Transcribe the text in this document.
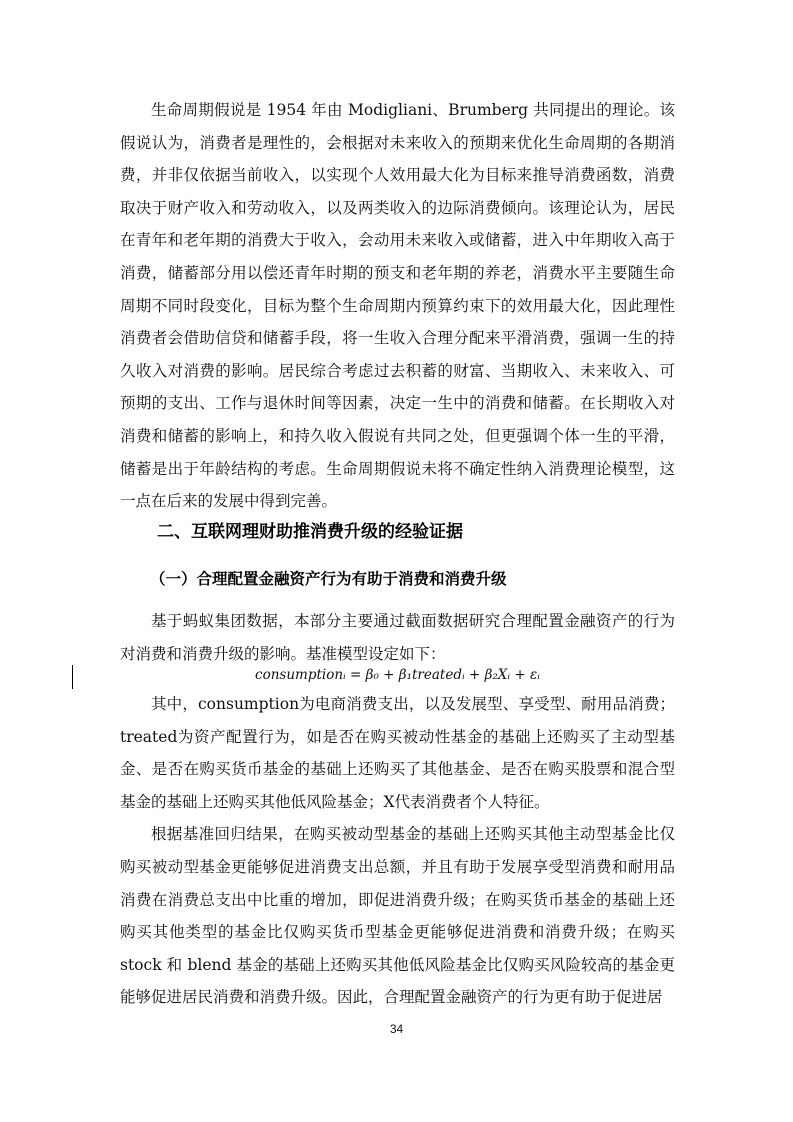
生命周期假说是 1954 年由 Modigliani、Brumberg 共同提出的理论。该假说认为，消费者是理性的，会根据对未来收入的预期来优化生命周期的各期消费，并非仅依据当前收入，以实现个人效用最大化为目标来推导消费函数，消费取决于财产收入和劳动收入，以及两类收入的边际消费倾向。该理论认为，居民在青年和老年期的消费大于收入，会动用未来收入或储蓄，进入中年期收入高于消费，储蓄部分用以偿还青年时期的预支和老年期的养老，消费水平主要随生命周期不同时段变化，目标为整个生命周期内预算约束下的效用最大化，因此理性消费者会借助信贷和储蓄手段，将一生收入合理分配来平滑消费，强调一生的持久收入对消费的影响。居民综合考虑过去积蓄的财富、当期收入、未来收入、可预期的支出、工作与退休时间等因素，决定一生中的消费和储蓄。在长期收入对消费和储蓄的影响上，和持久收入假说有共同之处，但更强调个体一生的平滑，储蓄是出于年龄结构的考虑。生命周期假说未将不确定性纳入消费理论模型，这一点在后来的发展中得到完善。

二、互联网理财助推消费升级的经验证据
（一）合理配置金融资产行为有助于消费和消费升级

基于蚂蚁集团数据，本部分主要通过截面数据研究合理配置金融资产的行为对消费和消费升级的影响。基准模型设定如下：

consumptionᵢ = β₀ + β₁treatedᵢ + β₂Xᵢ + εᵢ

其中，consumption为电商消费支出，以及发展型、享受型、耐用品消费；treated为资产配置行为，如是否在购买被动性基金的基础上还购买了主动型基金、是否在购买货币基金的基础上还购买了其他基金、是否在购买股票和混合型基金的基础上还购买其他低风险基金；X代表消费者个人特征。

根据基准回归结果，在购买被动型基金的基础上还购买其他主动型基金比仅购买被动型基金更能够促进消费支出总额，并且有助于发展享受型消费和耐用品消费在消费总支出中比重的增加，即促进消费升级；在购买货币基金的基础上还购买其他类型的基金比仅购买货币型基金更能够促进消费和消费升级；在购买stock 和 blend 基金的基础上还购买其他低风险基金比仅购买风险较高的基金更能够促进居民消费和消费升级。因此，合理配置金融资产的行为更有助于促进居

34
